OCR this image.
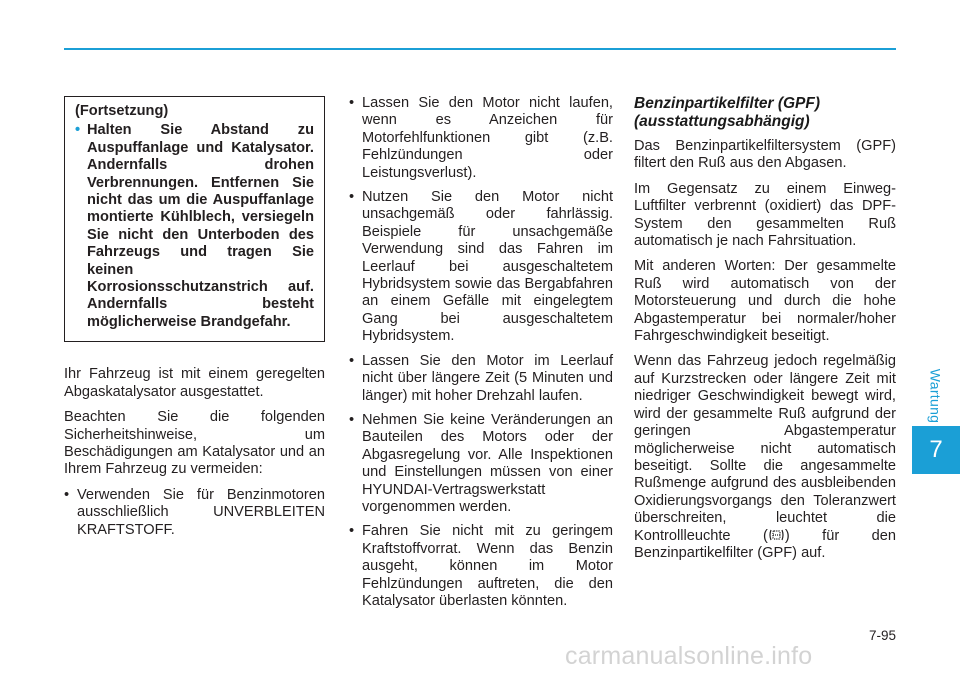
(Fortsetzung)
• Halten Sie Abstand zu Auspuffanlage und Katalysator. Andernfalls drohen Verbrennungen. Entfernen Sie nicht das um die Auspuffanlage montierte Kühlblech, versiegeln Sie nicht den Unterboden des Fahrzeugs und tragen Sie keinen Korrosionsschutzanstrich auf. Andernfalls besteht möglicherweise Brandgefahr.

Ihr Fahrzeug ist mit einem geregelten Abgaskatalysator ausgestattet.

Beachten Sie die folgenden Sicherheitshinweise, um Beschädigungen am Katalysator und an Ihrem Fahrzeug zu vermeiden:

• Verwenden Sie für Benzinmotoren ausschließlich UNVERBLEITEN KRAFTSTOFF.
• Lassen Sie den Motor nicht laufen, wenn es Anzeichen für Motorfehlfunktionen gibt (z.B. Fehlzündungen oder Leistungsverlust).
• Nutzen Sie den Motor nicht unsachgemäß oder fahrlässig. Beispiele für unsachgemäße Verwendung sind das Fahren im Leerlauf bei ausgeschaltetem Hybridsystem sowie das Bergabfahren an einem Gefälle mit eingelegtem Gang bei ausgeschaltetem Hybridsystem.
• Lassen Sie den Motor im Leerlauf nicht über längere Zeit (5 Minuten und länger) mit hoher Drehzahl laufen.
• Nehmen Sie keine Veränderungen an Bauteilen des Motors oder der Abgasregelung vor. Alle Inspektionen und Einstellungen müssen von einer HYUNDAI-Vertragswerkstatt vorgenommen werden.
• Fahren Sie nicht mit zu geringem Kraftstoffvorrat. Wenn das Benzin ausgeht, können im Motor Fehlzündungen auftreten, die den Katalysator überlasten könnten.
Benzinpartikelfilter (GPF) (ausstattungsabhängig)

Das Benzinpartikelfiltersystem (GPF) filtert den Ruß aus den Abgasen.

Im Gegensatz zu einem Einweg-Luftfilter verbrennt (oxidiert) das DPF-System den gesammelten Ruß automatisch je nach Fahrsituation.

Mit anderen Worten: Der gesammelte Ruß wird automatisch von der Motorsteuerung und durch die hohe Abgastemperatur bei normaler/hoher Fahrgeschwindigkeit beseitigt.

Wenn das Fahrzeug jedoch regelmäßig auf Kurzstrecken oder längere Zeit mit niedriger Geschwindigkeit bewegt wird, wird der gesammelte Ruß aufgrund der geringen Abgastemperatur möglicherweise nicht automatisch beseitigt. Sollte die angesammelte Rußmenge aufgrund des ausbleibenden Oxidierungsvorgangs den Toleranzwert überschreiten, leuchtet die Kontrollleuchte ( ) für den Benzinpartikelfilter (GPF) auf.

Wartung
7
7-95
carmanualsonline.info
